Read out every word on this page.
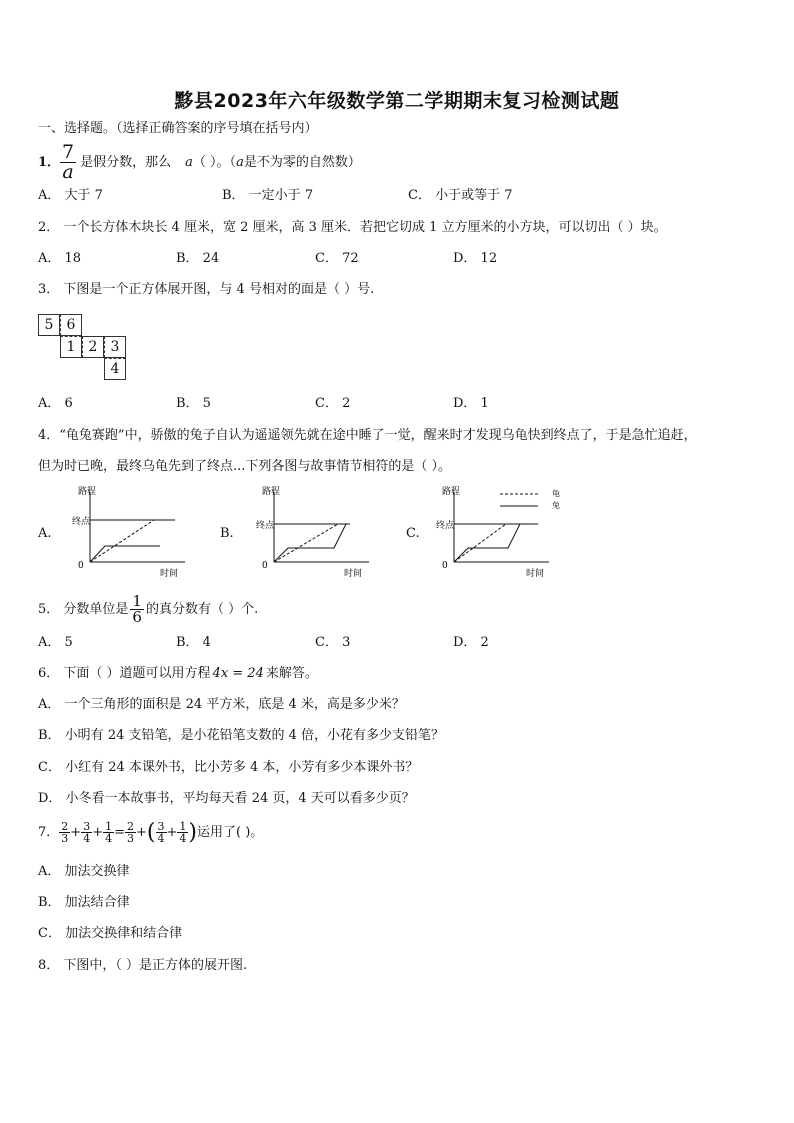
黟县2023年六年级数学第二学期期末复习检测试题
一、选择题。（选择正确答案的序号填在括号内）
1． $\frac{7}{a}$ 是假分数，那么 a （ ）。（ a 是不为零的自然数）
A． 大于 7	B． 一定小于 7	C． 小于或等于 7
2． 一个长方体木块长 4 厘米，宽 2 厘米，高 3 厘米．若把它切成 1 立方厘米的小方块，可以切出（ ）块。
A． 18	B． 24	C． 72	D． 12
3． 下图是一个正方体展开图，与 4 号相对的面是（ ）号.
5 6
1 2 3
4
A． 6	B． 5	C． 2	D． 1
4．“龟兔赛跑”中，骄傲的兔子自认为遥遥领先就在途中睡了一觉，醒来时才发现乌龟快到终点了，于是急忙追赶，
但为时已晚，最终乌龟先到了终点...下列各图与故事情节相符的是（ ）。
A.	B.	C.
路程
终点
0
时间
路程
终点
0
时间
路程
终点
0
时间
龟
兔
5． 分数单位是 $\frac{1}{6}$ 的真分数有（ ）个.
A． 5	B． 4	C． 3	D． 2
6． 下面（ ）道题可以用方程 4x = 24 来解答。
A． 一个三角形的面积是 24 平方米，底是 4 米，高是多少米？
B． 小明有 24 支铅笔，是小花铅笔支数的 4 倍，小花有多少支铅笔？
C． 小红有 24 本课外书，比小芳多 4 本，小芳有多少本课外书？
D． 小冬看一本故事书，平均每天看 24 页，4 天可以看多少页？
7． $\frac{2}{3} + \frac{3}{4} + \frac{1}{4} = \frac{2}{3}$ + ( $\frac{3}{4} + \frac{1}{4}$ ) 运用了( )。
A． 加法交换律
B． 加法结合律
C． 加法交换律和结合律
8． 下图中，（ ）是正方体的展开图.
